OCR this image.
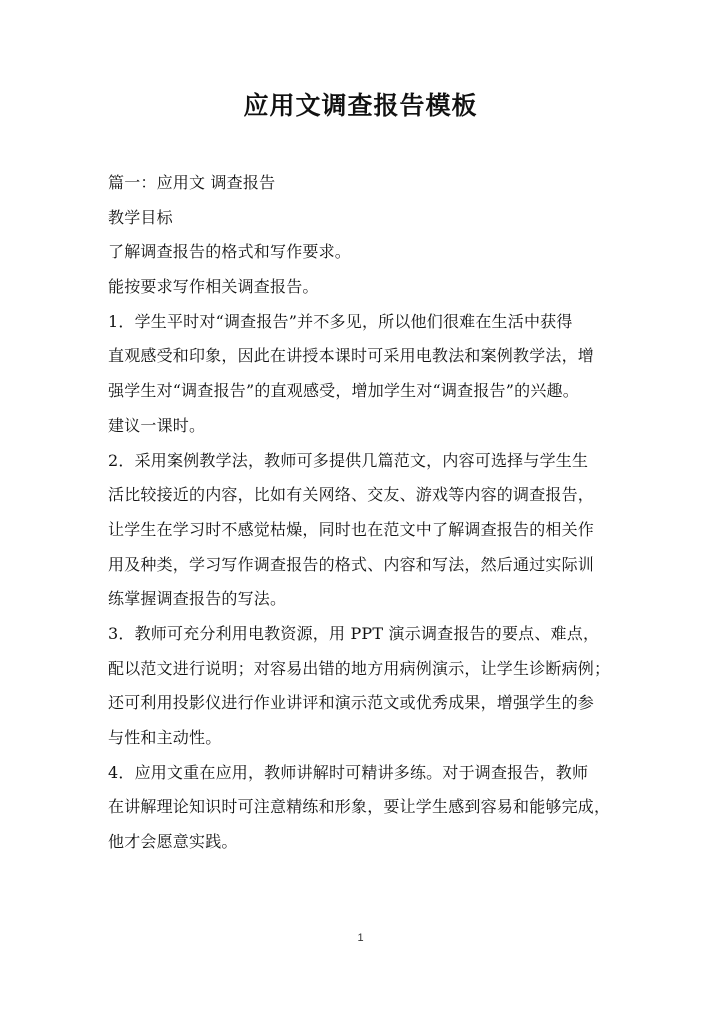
应用文调查报告模板
篇一：应用文 调查报告
教学目标
了解调查报告的格式和写作要求。
能按要求写作相关调查报告。
1．学生平时对“调查报告”并不多见，所以他们很难在生活中获得
直观感受和印象，因此在讲授本课时可采用电教法和案例教学法，增
强学生对“调查报告”的直观感受，增加学生对“调查报告”的兴趣。
建议一课时。
2．采用案例教学法，教师可多提供几篇范文，内容可选择与学生生
活比较接近的内容，比如有关网络、交友、游戏等内容的调查报告，
让学生在学习时不感觉枯燥，同时也在范文中了解调查报告的相关作
用及种类，学习写作调查报告的格式、内容和写法，然后通过实际训
练掌握调查报告的写法。
3．教师可充分利用电教资源，用 PPT 演示调查报告的要点、难点，
配以范文进行说明；对容易出错的地方用病例演示，让学生诊断病例；
还可利用投影仪进行作业讲评和演示范文或优秀成果，增强学生的参
与性和主动性。
4．应用文重在应用，教师讲解时可精讲多练。对于调查报告，教师
在讲解理论知识时可注意精练和形象，要让学生感到容易和能够完成，
他才会愿意实践。
1
